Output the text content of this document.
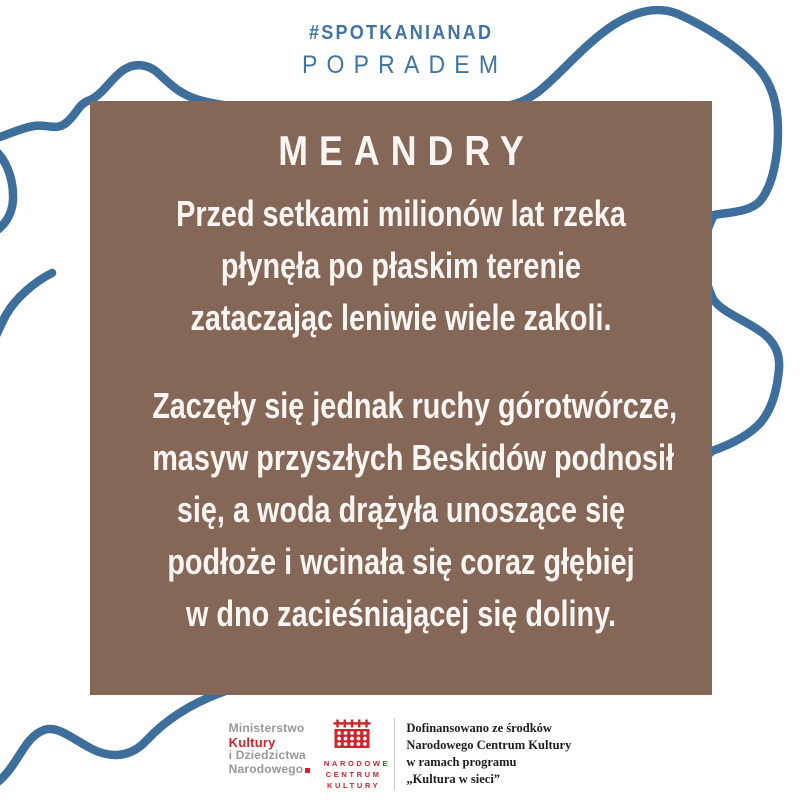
#SPOTKANIANAD
POPRADEM
MEANDRY
Przed setkami milionów lat rzeka
płynęła po płaskim terenie
zataczając leniwie wiele zakoli.
Zaczęły się jednak ruchy górotwórcze,
masyw przyszłych Beskidów podnosił
się, a woda drążyła unoszące się
podłoże i wcinała się coraz głębiej
w dno zacieśniającej się doliny.
Ministerstwo
Kultury
i Dziedzictwa
Narodowego	NARODOWE
CENTRUM
KULTURY
Dofinansowano ze środków
Narodowego Centrum Kultury
w ramach programu
„Kultura w sieci”
